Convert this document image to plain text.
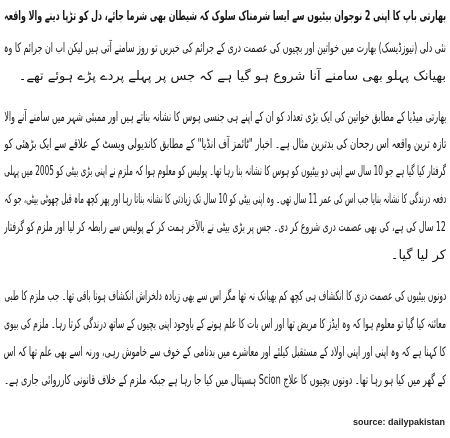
بھارتی باپ کا اپنی 2 نوجوان بیٹیوں سے ایسا شرمناک سلوک کہ شیطان بھی شرما جائے، دل کو تڑپا دینے والا واقعہ
نئی دلی (نیوزڈیسک) بھارت میں خواتین اور بچیوں کی عصمت دری کے جرائم کی خبریں تو روز سامنے آتی ہیں لیکن اب ان جرائم کا وہ
بھیانک پہلو بھی سامنے آنا شروع ہو گیا ہے کہ جس پر پہلے پردے پڑے ہوئے تھے۔
بھارتی میڈیا کے مطابق خواتین کی ایک بڑی تعداد کو ان کے اپنے ہی جنسی ہوس کا نشانہ بناتے ہیں اور ممبئی شہر میں سامنے آنے والا
تازہ ترین واقعہ اس رجحان کی بدترین مثال ہے۔ اخبار "ٹائمز آف انڈیا" کے مطابق کاندیولی ویسٹ کے علاقے سے ایک بڑھئی کو
گرفتار کیا گیا ہے جو 10 سال سے اپنی دو بیٹیوں کو ہوس کا نشانہ بنا رہا تھا۔ پولیس کو معلوم ہوا کہ ملزم نے اپنی بڑی بیٹی کو 2005 میں پہلی
دفعہ درندگی کا نشانہ بنایا جب اس کی عمر 11 سال تھی۔ وہ اپنی بیٹی کو 10 سال تک زیادتی کا نشانہ بناتا رہا اور پھر کچھ ماہ قبل چھوٹی بیٹی، جو کہ
12 سال کی ہے، کی بھی عصمت دری شروع کر دی۔ جس پر بڑی بیٹی نے بالآخر ہمت کر کے پولیس سے رابطہ کر لیا اور ملزم کو گرفتار
کر لیا گیا۔
دونوں بیٹیوں کی عصمت دری کا انکشاف ہی کچھ کم بھیانک نہ تھا مگر اس سے بھی زیادہ دلخراش انکشاف ہونا باقی تھا۔ جب ملزم کا طبی
معائنہ کیا گیا تو معلوم ہوا کہ وہ ایڈز کا مریض تھا اور اس بات کا علم ہونے کے باوجود اپنی بچیوں کے ساتھ درندگی کرتا رہا۔ ملزم کی بیوی
کا کہنا ہے کہ وہ اپنی اور اپنی اولاد کے مستقبل کیلئے اور معاشرے میں بدنامی کے خوف سے خاموش رہی، ورنہ اسے بھی علم تھا کہ اس
کے گھر میں کیا ہو رہا تھا۔ دونوں بچیوں کا علاج Scion ہسپتال میں کیا جا رہا ہے جبکہ ملزم کے خلاف قانونی کارروائی جاری ہے۔
source: dailypakistan
